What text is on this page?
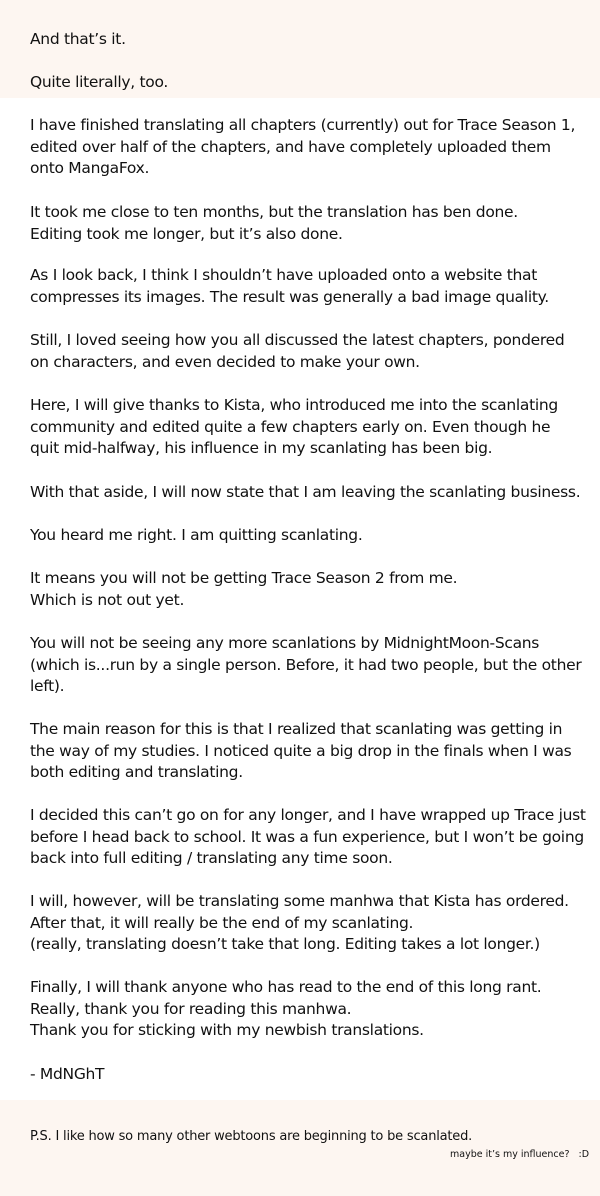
And that’s it.

Quite literally, too.

I have finished translating all chapters (currently) out for Trace Season 1,
edited over half of the chapters, and have completely uploaded them
onto MangaFox.

It took me close to ten months, but the translation has ben done.
Editing took me longer, but it’s also done.

As I look back, I think I shouldn’t have uploaded onto a website that
compresses its images. The result was generally a bad image quality.

Still, I loved seeing how you all discussed the latest chapters, pondered
on characters, and even decided to make your own.

Here, I will give thanks to Kista, who introduced me into the scanlating
community and edited quite a few chapters early on. Even though he
quit mid-halfway, his influence in my scanlating has been big.

With that aside, I will now state that I am leaving the scanlating business.

You heard me right. I am quitting scanlating.

It means you will not be getting Trace Season 2 from me.
Which is not out yet.

You will not be seeing any more scanlations by MidnightMoon-Scans
(which is...run by a single person. Before, it had two people, but the other
left).

The main reason for this is that I realized that scanlating was getting in
the way of my studies. I noticed quite a big drop in the finals when I was
both editing and translating.

I decided this can’t go on for any longer, and I have wrapped up Trace just
before I head back to school. It was a fun experience, but I won’t be going
back into full editing / translating any time soon.

I will, however, will be translating some manhwa that Kista has ordered.
After that, it will really be the end of my scanlating.
(really, translating doesn’t take that long. Editing takes a lot longer.)

Finally, I will thank anyone who has read to the end of this long rant.
Really, thank you for reading this manhwa.
Thank you for sticking with my newbish translations.

- MdNGhT

P.S. I like how so many other webtoons are beginning to be scanlated.

maybe it’s my influence?   :D
